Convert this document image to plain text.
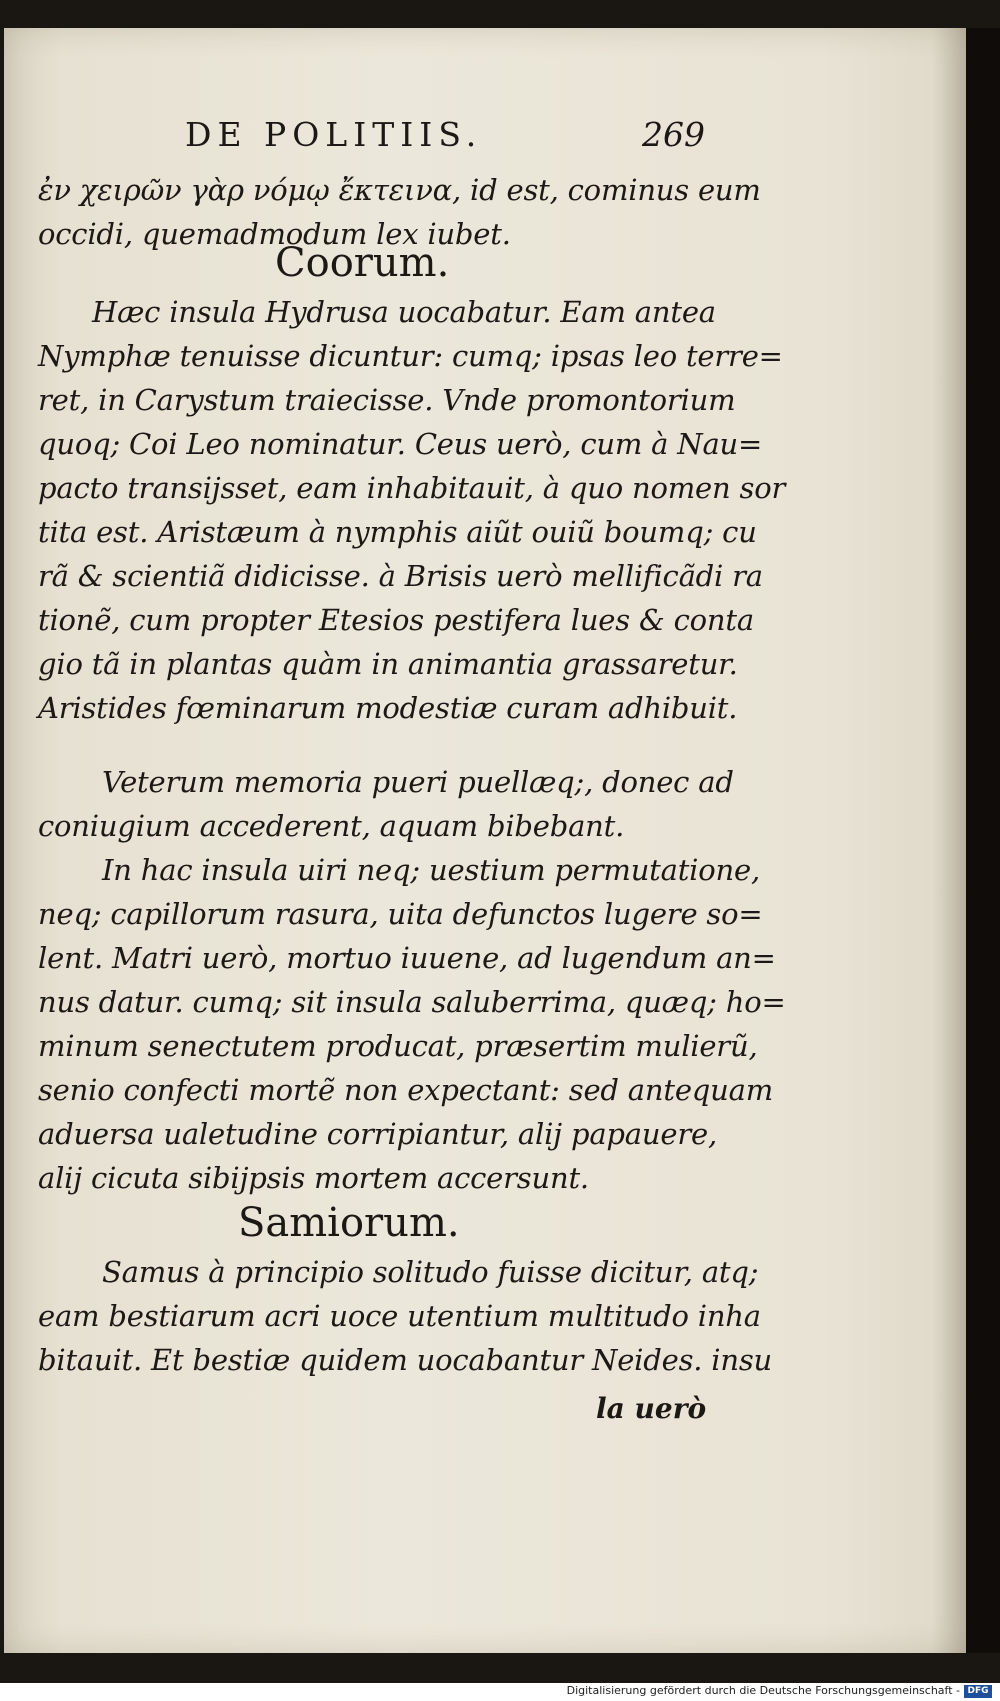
DE POLITIIS.	269
ἐν χειρῶν γὰρ νόμῳ ἔκτεινα, id est, cominus eum
occidi, quemadmodum lex iubet.
Coorum.
Hæc insula Hydrusa uocabatur. Eam antea
Nymphæ tenuisse dicuntur: cumq; ipsas leo terre=
ret, in Carystum traiecisse. Vnde promontorium
quoq; Coi Leo nominatur. Ceus uerò, cum à Nau=
pacto transijsset, eam inhabitauit, à quo nomen sor
tita est. Aristæum à nymphis aiũt ouiũ boumq; cu
rã & scientiã didicisse. à Brisis uerò mellificãdi ra
tionẽ, cum propter Etesios pestifera lues & conta
gio tã in plantas quàm in animantia grassaretur.
Aristides fœminarum modestiæ curam adhibuit.
Veterum memoria pueri puellæq;, donec ad
coniugium accederent, aquam bibebant.
In hac insula uiri neq; uestium permutatione,
neq; capillorum rasura, uita defunctos lugere so=
lent. Matri uerò, mortuo iuuene, ad lugendum an=
nus datur. cumq; sit insula saluberrima, quæq; ho=
minum senectutem producat, præsertim mulierũ,
senio confecti mortẽ non expectant: sed antequam
aduersa ualetudine corripiantur, alij papauere,
alij cicuta sibijpsis mortem accersunt.
Samiorum.
Samus à principio solitudo fuisse dicitur, atq;
eam bestiarum acri uoce utentium multitudo inha
bitauit. Et bestiæ quidem uocabantur Neides. insu
la uerò
Digitalisierung gefördert durch die Deutsche Forschungsgemeinschaft - DFG
